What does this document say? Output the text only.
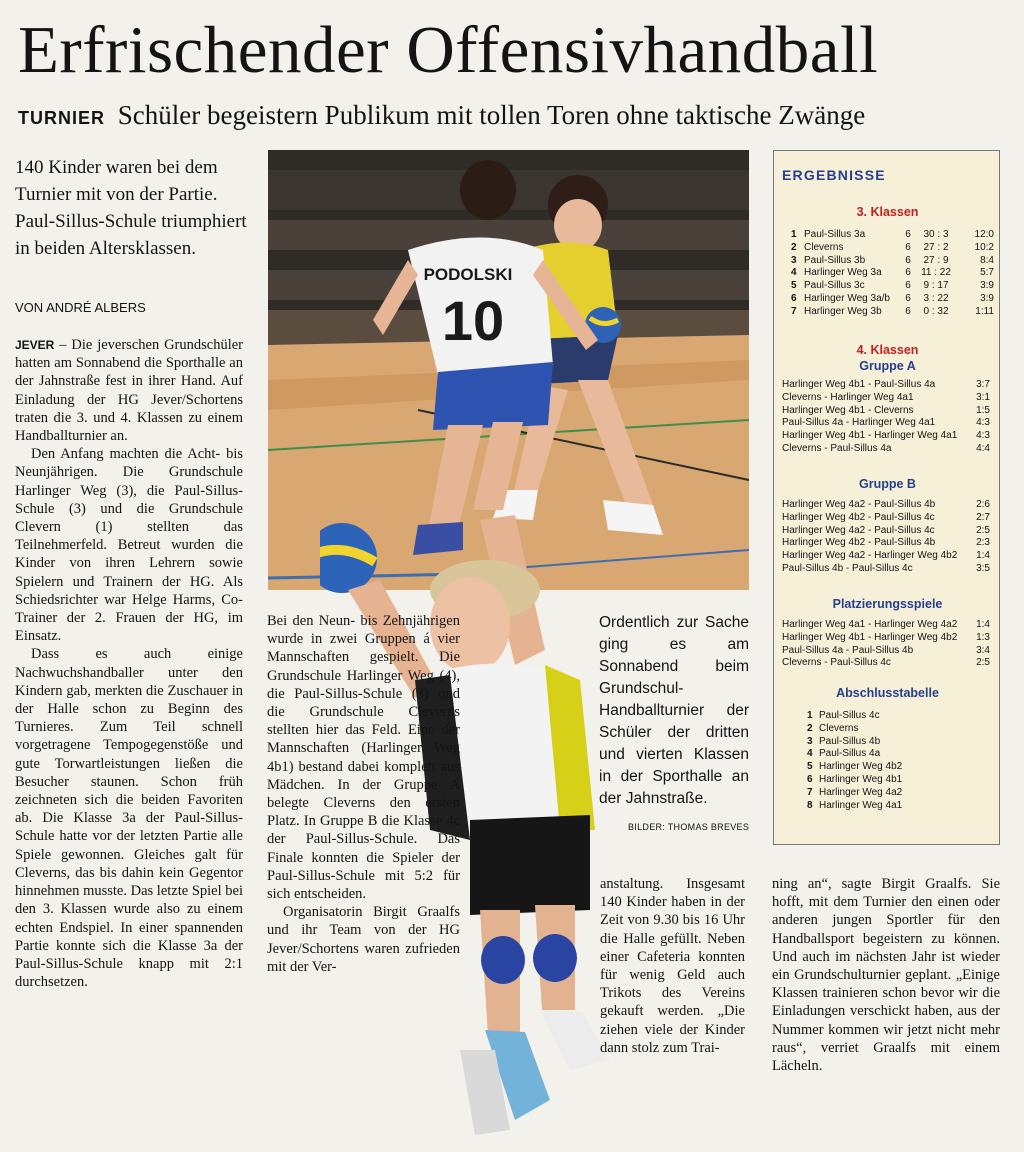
Erfrischender Offensivhandball
TURNIER Schüler begeistern Publikum mit tollen Toren ohne taktische Zwänge
140 Kinder waren bei dem Turnier mit von der Partie. Paul-Sillus-Schule triumphiert in beiden Altersklassen.
VON ANDRÉ ALBERS
PODOLSKI
10

JEVER – Die jeverschen Grundschüler hatten am Sonnabend die Sporthalle an der Jahnstraße fest in ihrer Hand. Auf Einladung der HG Jever/Schortens traten die 3. und 4. Klassen zu einem Handballturnier an.

Den Anfang machten die Acht- bis Neunjährigen. Die Grundschule Harlinger Weg (3), die Paul-Sillus-Schule (3) und die Grundschule Clevern (1) stellten das Teilnehmerfeld. Betreut wurden die Kinder von ihren Lehrern sowie Spielern und Trainern der HG. Als Schiedsrichter war Helge Harms, Co-Trainer der 2. Frauen der HG, im Einsatz.

Dass es auch einige Nachwuchshandballer unter den Kindern gab, merkten die Zuschauer in der Halle schon zu Beginn des Turnieres. Zum Teil schnell vorgetragene Tempogegenstöße und gute Torwartleistungen ließen die Besucher staunen. Schon früh zeichneten sich die beiden Favoriten ab. Die Klasse 3a der Paul-Sillus-Schule hatte vor der letzten Partie alle Spiele gewonnen. Gleiches galt für Cleverns, das bis dahin kein Gegentor hinnehmen musste. Das letzte Spiel bei den 3. Klassen wurde also zu einem echten Endspiel. In einer spannenden Partie konnte sich die Klasse 3a der Paul-Sillus-Schule knapp mit 2:1 durchsetzen.

Bei den Neun- bis Zehnjährigen wurde in zwei Gruppen á vier Mannschaften gespielt. Die Grundschule Harlinger Weg (4), die Paul-Sillus-Schule (3) und die Grundschule Cleverns stellten hier das Feld. Eine der Mannschaften (Harlinger Weg 4b1) bestand dabei komplett aus Mädchen. In der Gruppe A belegte Cleverns den ersten Platz. In Gruppe B die Klasse 4c der Paul-Sillus-Schule. Das Finale konnten die Spieler der Paul-Sillus-Schule mit 5:2 für sich entscheiden.

Organisatorin Birgit Graalfs und ihr Team von der HG Jever/Schortens waren zufrieden mit der Ver-

Ordentlich zur Sache ging es am Sonnabend beim Grundschul-Handballturnier der Schüler der dritten und vierten Klassen in der Sporthalle an der Jahnstraße.
BILDER: THOMAS BREVES

anstaltung. Insgesamt 140 Kinder haben in der Zeit von 9.30 bis 16 Uhr die Halle gefüllt. Neben einer Cafeteria konnten für wenig Geld auch Trikots des Vereins gekauft werden. „Die ziehen viele der Kinder dann stolz zum Trai-

ning an“, sagte Birgit Graalfs. Sie hofft, mit dem Turnier den einen oder anderen jungen Sportler für den Handballsport begeistern zu können. Und auch im nächsten Jahr ist wieder ein Grundschulturnier geplant. „Einige Klassen trainieren schon bevor wir die Einladungen verschickt haben, aus der Nummer kommen wir jetzt nicht mehr raus“, verriet Graalfs mit einem Lächeln.

ERGEBNISSE
3. Klassen
1	Paul-Sillus 3a	6	30 : 3	12:0
2	Cleverns	6	27 : 2	10:2
3	Paul-Sillus 3b	6	27 : 9	8:4
4	Harlinger Weg 3a	6	11 : 22	5:7
5	Paul-Sillus 3c	6	9 : 17	3:9
6	Harlinger Weg 3a/b	6	3 : 22	3:9
7	Harlinger Weg 3b	6	0 : 32	1:11
4. Klassen
Gruppe A
Harlinger Weg 4b1 - Paul-Sillus 4a	3:7
Cleverns - Harlinger Weg 4a1	3:1
Harlinger Weg 4b1 - Cleverns	1:5
Paul-Sillus 4a - Harlinger Weg 4a1	4:3
Harlinger Weg 4b1 - Harlinger Weg 4a1	4:3
Cleverns - Paul-Sillus 4a	4:4
Gruppe B
Harlinger Weg 4a2 - Paul-Sillus 4b	2:6
Harlinger Weg 4b2 - Paul-Sillus 4c	2:7
Harlinger Weg 4a2 - Paul-Sillus 4c	2:5
Harlinger Weg 4b2 - Paul-Sillus 4b	2:3
Harlinger Weg 4a2 - Harlinger Weg 4b2	1:4
Paul-Sillus 4b - Paul-Sillus 4c	3:5
Platzierungsspiele
Harlinger Weg 4a1 - Harlinger Weg 4a2	1:4
Harlinger Weg 4b1 - Harlinger Weg 4b2	1:3
Paul-Sillus 4a - Paul-Sillus 4b	3:4
Cleverns - Paul-Sillus 4c	2:5
Abschlusstabelle
1	Paul-Sillus 4c
2	Cleverns
3	Paul-Sillus 4b
4	Paul-Sillus 4a
5	Harlinger Weg 4b2
6	Harlinger Weg 4b1
7	Harlinger Weg 4a2
8	Harlinger Weg 4a1
